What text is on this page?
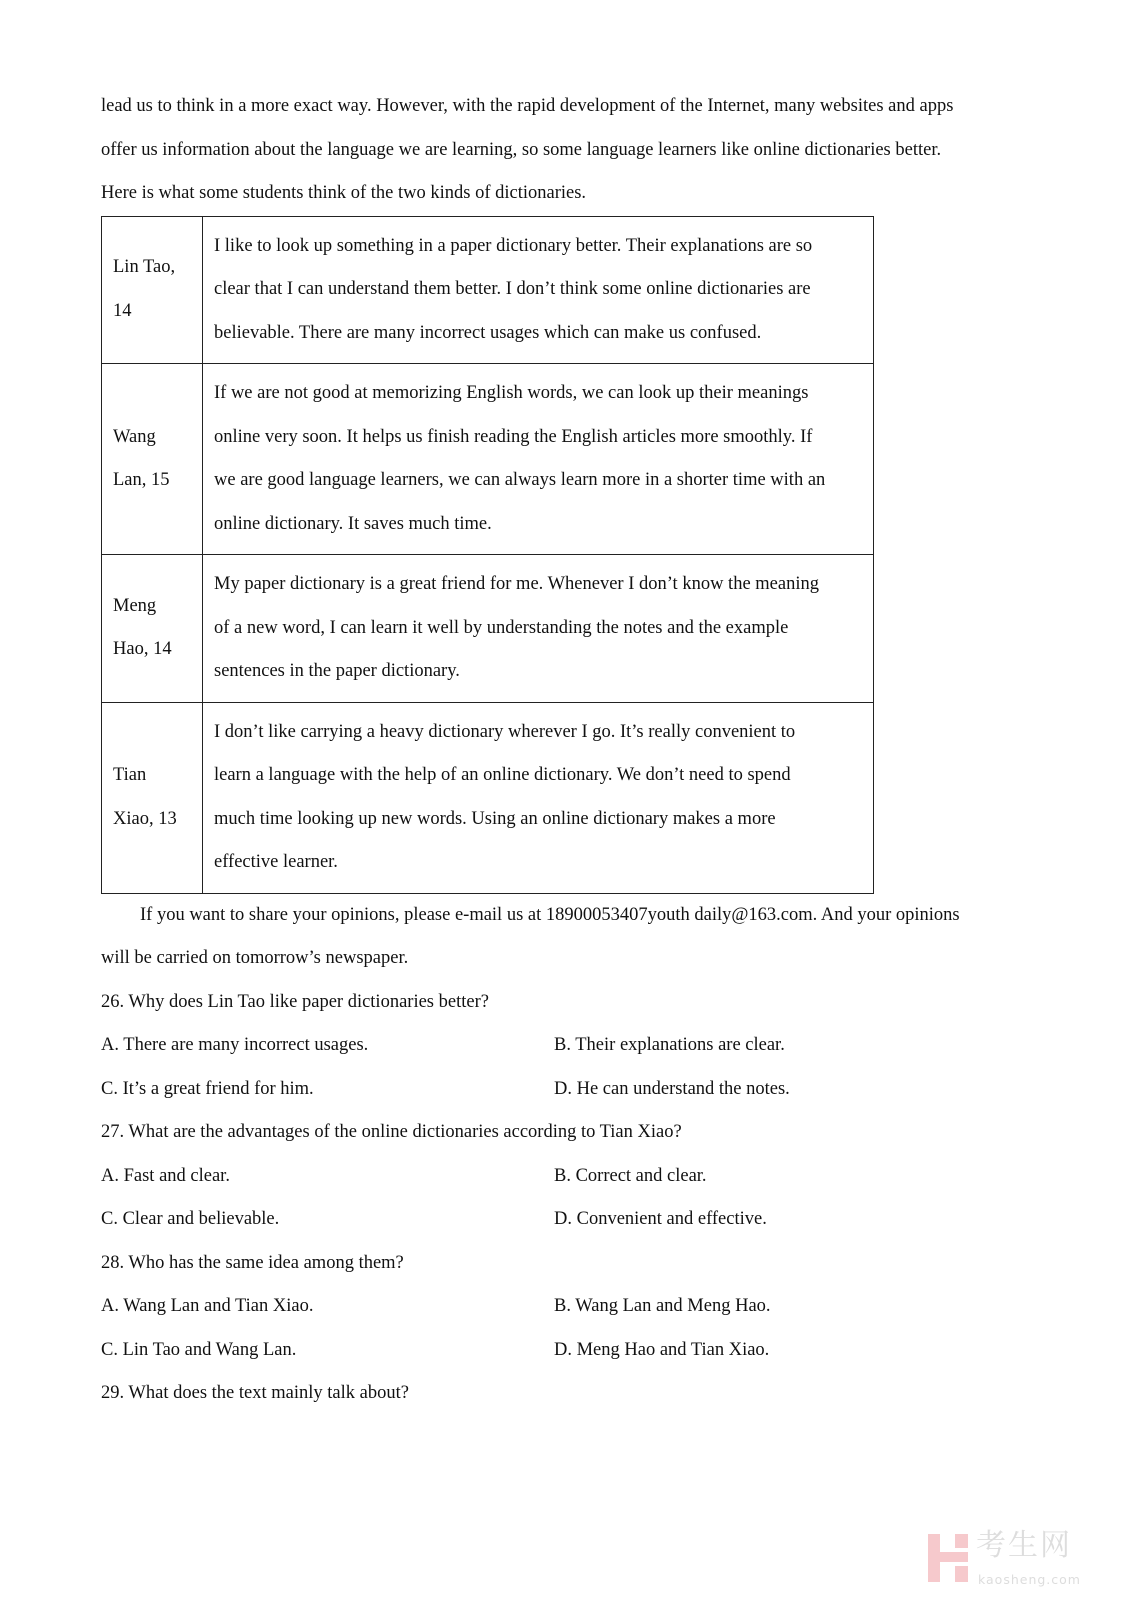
lead us to think in a more exact way. However, with the rapid development of the Internet, many websites and apps
offer us information about the language we are learning, so some language learners like online dictionaries better.
Here is what some students think of the two kinds of dictionaries.
Lin Tao,
14	I like to look up something in a paper dictionary better. Their explanations are so
clear that I can understand them better. I don’t think some online dictionaries are
believable. There are many incorrect usages which can make us confused.

Wang
Lan, 15	If we are not good at memorizing English words, we can look up their meanings
online very soon. It helps us finish reading the English articles more smoothly. If
we are good language learners, we can always learn more in a shorter time with an
online dictionary. It saves much time.

Meng
Hao, 14	My paper dictionary is a great friend for me. Whenever I don’t know the meaning
of a new word, I can learn it well by understanding the notes and the example
sentences in the paper dictionary.

Tian
Xiao, 13	I don’t like carrying a heavy dictionary wherever I go. It’s really convenient to
learn a language with the help of an online dictionary. We don’t need to spend
much time looking up new words. Using an online dictionary makes a more
effective learner.
If you want to share your opinions, please e-mail us at 18900053407youth daily@163.com. And your opinions
will be carried on tomorrow’s newspaper.
26. Why does Lin Tao like paper dictionaries better?
A. There are many incorrect usages.	B. Their explanations are clear.
C. It’s a great friend for him.	D. He can understand the notes.
27. What are the advantages of the online dictionaries according to Tian Xiao?
A. Fast and clear.	B. Correct and clear.
C. Clear and believable.	D. Convenient and effective.
28. Who has the same idea among them?
A. Wang Lan and Tian Xiao.	B. Wang Lan and Meng Hao.
C. Lin Tao and Wang Lan.	D. Meng Hao and Tian Xiao.
29. What does the text mainly talk about?
考生网
kaosheng.com
